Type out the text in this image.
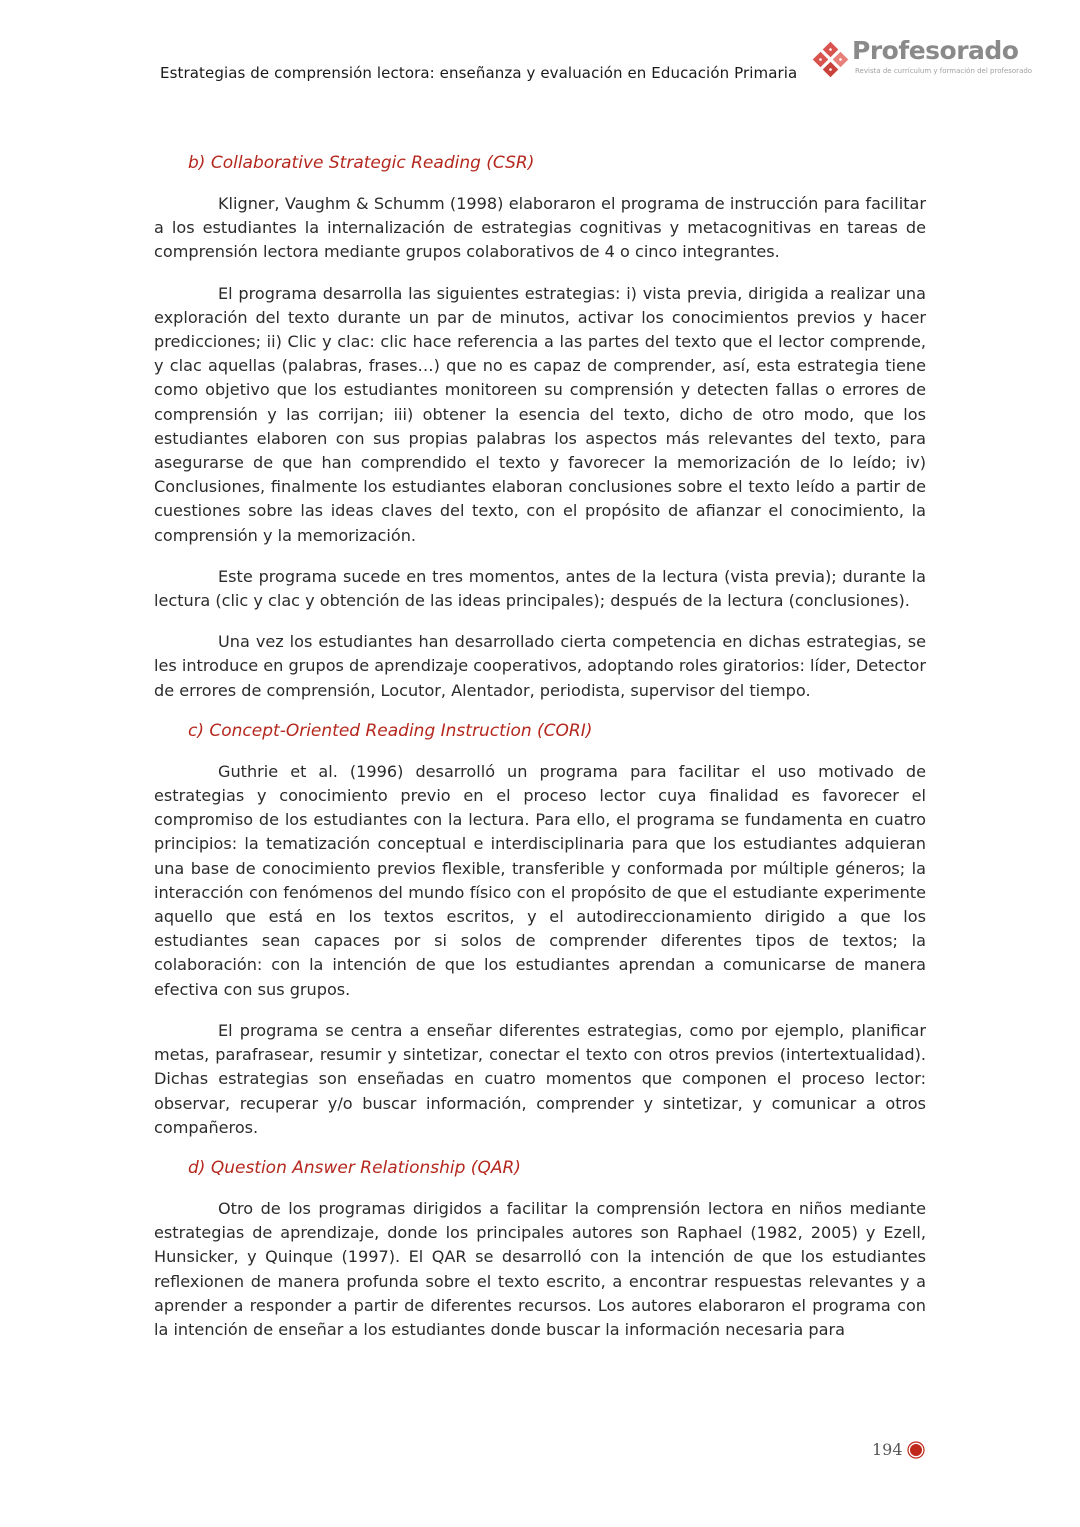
Estrategias de comprensión lectora: enseñanza y evaluación en Educación Primaria
Profesorado
Revista de currículum y formación del profesorado
b) Collaborative Strategic Reading (CSR)

Kligner, Vaughm & Schumm (1998) elaboraron el programa de instrucción para facilitar a los estudiantes la internalización de estrategias cognitivas y metacognitivas en tareas de comprensión lectora mediante grupos colaborativos de 4 o cinco integrantes.

El programa desarrolla las siguientes estrategias: i) vista previa, dirigida a realizar una exploración del texto durante un par de minutos, activar los conocimientos previos y hacer predicciones; ii) Clic y clac: clic hace referencia a las partes del texto que el lector comprende, y clac aquellas (palabras, frases…) que no es capaz de comprender, así, esta estrategia tiene como objetivo que los estudiantes monitoreen su comprensión y detecten fallas o errores de comprensión y las corrijan; iii) obtener la esencia del texto, dicho de otro modo, que los estudiantes elaboren con sus propias palabras los aspectos más relevantes del texto, para asegurarse de que han comprendido el texto y favorecer la memorización de lo leído; iv) Conclusiones, finalmente los estudiantes elaboran conclusiones sobre el texto leído a partir de cuestiones sobre las ideas claves del texto, con el propósito de afianzar el conocimiento, la comprensión y la memorización.

Este programa sucede en tres momentos, antes de la lectura (vista previa); durante la lectura (clic y clac y obtención de las ideas principales); después de la lectura (conclusiones).

Una vez los estudiantes han desarrollado cierta competencia en dichas estrategias, se les introduce en grupos de aprendizaje cooperativos, adoptando roles giratorios: líder, Detector de errores de comprensión, Locutor, Alentador, periodista, supervisor del tiempo.

c) Concept-Oriented Reading Instruction (CORI)

Guthrie et al. (1996) desarrolló un programa para facilitar el uso motivado de estrategias y conocimiento previo en el proceso lector cuya finalidad es favorecer el compromiso de los estudiantes con la lectura. Para ello, el programa se fundamenta en cuatro principios: la tematización conceptual e interdisciplinaria para que los estudiantes adquieran una base de conocimiento previos flexible, transferible y conformada por múltiple géneros; la interacción con fenómenos del mundo físico con el propósito de que el estudiante experimente aquello que está en los textos escritos, y el autodireccionamiento dirigido a que los estudiantes sean capaces por si solos de comprender diferentes tipos de textos; la colaboración: con la intención de que los estudiantes aprendan a comunicarse de manera efectiva con sus grupos.

El programa se centra a enseñar diferentes estrategias, como por ejemplo, planificar metas, parafrasear, resumir y sintetizar, conectar el texto con otros previos (intertextualidad). Dichas estrategias son enseñadas en cuatro momentos que componen el proceso lector: observar, recuperar y/o buscar información, comprender y sintetizar, y comunicar a otros compañeros.

d) Question Answer Relationship (QAR)

Otro de los programas dirigidos a facilitar la comprensión lectora en niños mediante estrategias de aprendizaje, donde los principales autores son Raphael (1982, 2005) y Ezell, Hunsicker, y Quinque (1997). El QAR se desarrolló con la intención de que los estudiantes reflexionen de manera profunda sobre el texto escrito, a encontrar respuestas relevantes y a aprender a responder a partir de diferentes recursos. Los autores elaboraron el programa con la intención de enseñar a los estudiantes donde buscar la información necesaria para

194
